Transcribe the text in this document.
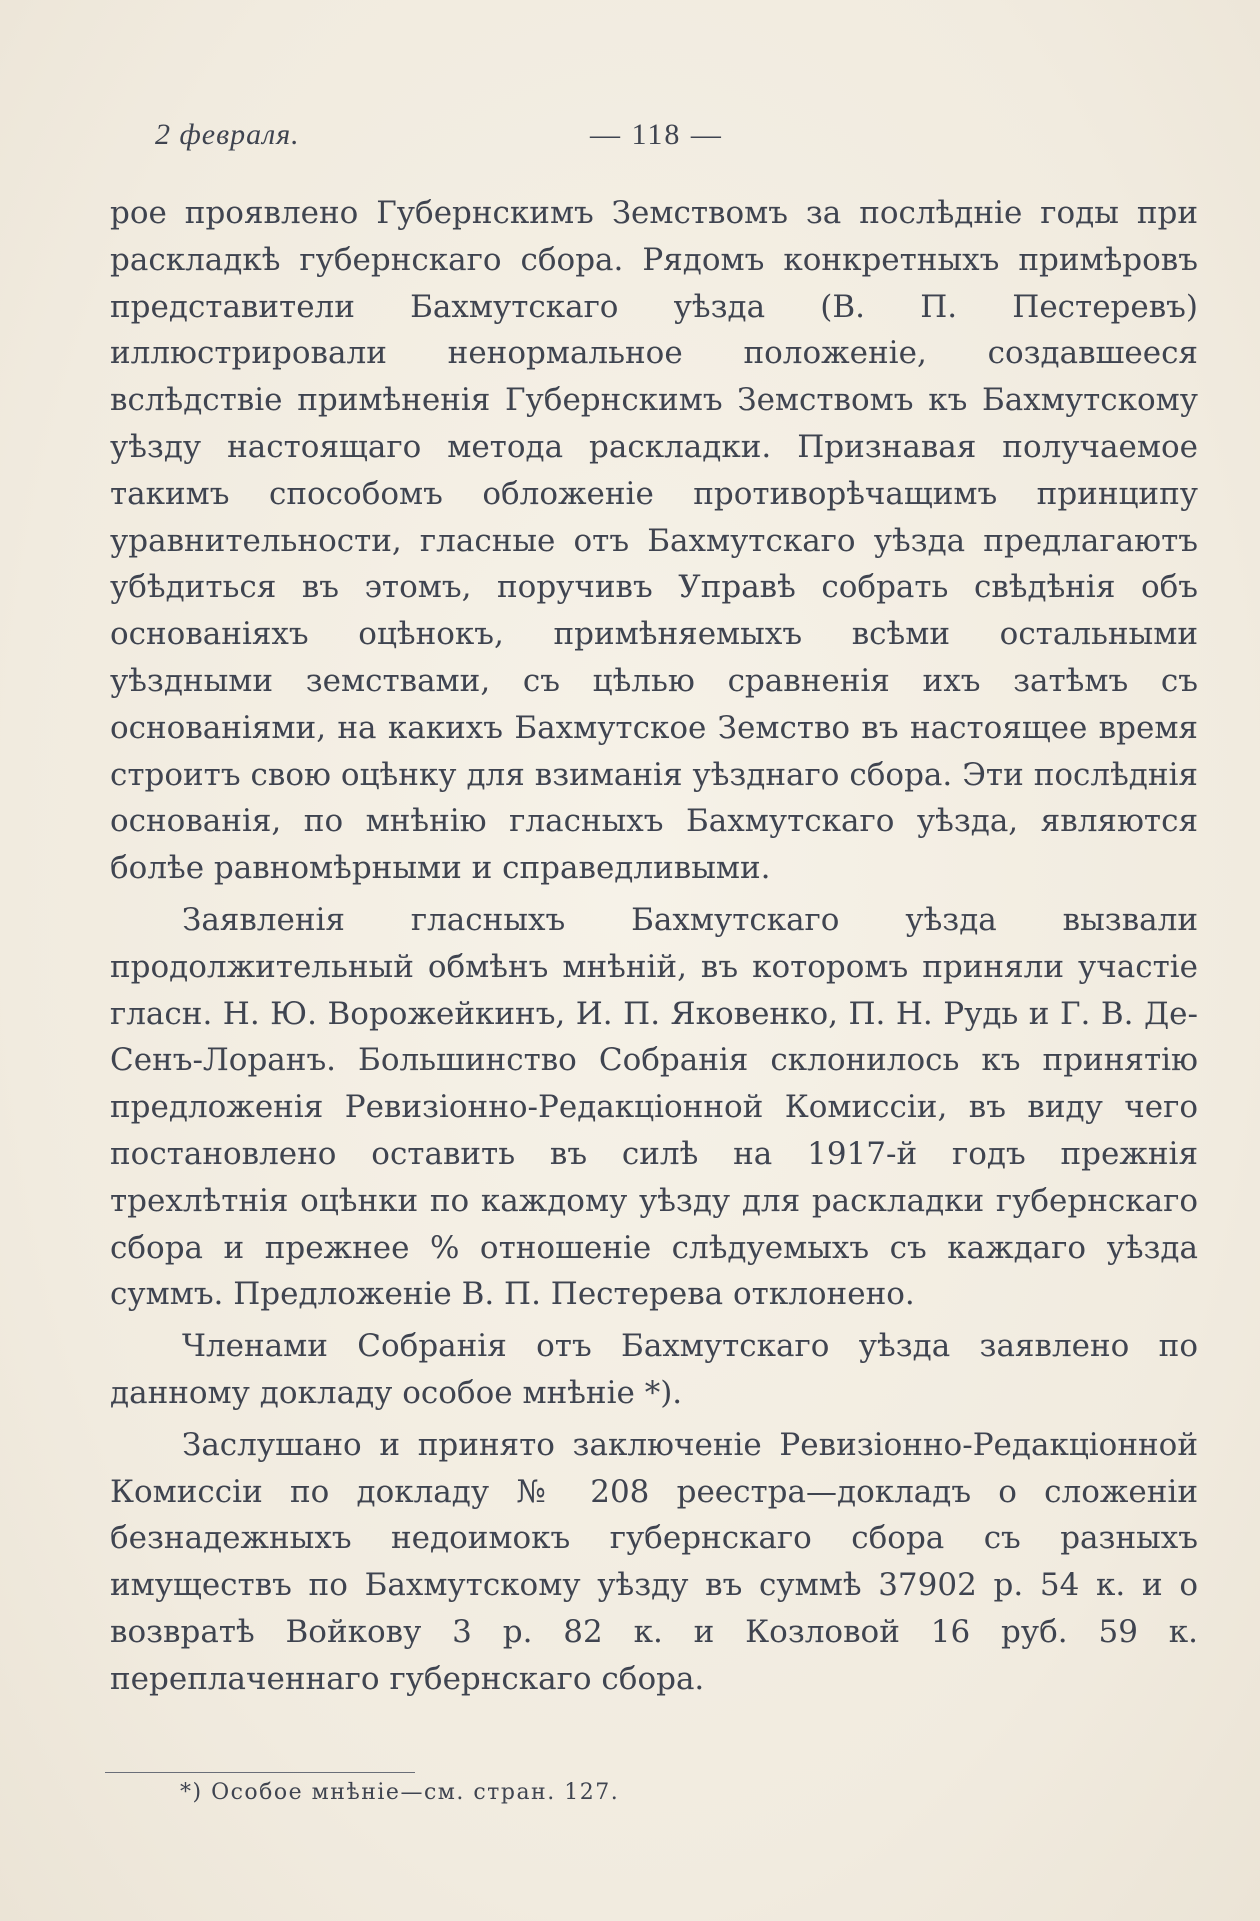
2 февраля.	— 118 —

рое проявлено Губернскимъ Земствомъ за послѣдніе годы при раскладкѣ губернскаго сбора. Рядомъ конкретныхъ примѣровъ представители Бахмутскаго уѣзда (В. П. Пестеревъ) иллюстрировали ненормальное положеніе, создавшееся вслѣдствіе примѣненія Губернскимъ Земствомъ къ Бахмутскому уѣзду настоящаго метода раскладки. Признавая получаемое такимъ способомъ обложеніе противорѣчащимъ принципу уравнительности, гласные отъ Бахмутскаго уѣзда предлагаютъ убѣдиться въ этомъ, поручивъ Управѣ собрать свѣдѣнія объ основаніяхъ оцѣнокъ, примѣняемыхъ всѣми остальными уѣздными земствами, съ цѣлью сравненія ихъ затѣмъ съ основаніями, на какихъ Бахмутское Земство въ настоящее время строитъ свою оцѣнку для взиманія уѣзднаго сбора. Эти послѣднія основанія, по мнѣнію гласныхъ Бахмутскаго уѣзда, являются болѣе равномѣрными и справедливыми.

Заявленія гласныхъ Бахмутскаго уѣзда вызвали продолжительный обмѣнъ мнѣній, въ которомъ приняли участіе гласн. Н. Ю. Ворожейкинъ, И. П. Яковенко, П. Н. Рудь и Г. В. Де-Сенъ-Лоранъ. Большинство Собранія склонилось къ принятію предложенія Ревизіонно-Редакціонной Комиссіи, въ виду чего постановлено оставить въ силѣ на 1917-й годъ прежнія трехлѣтнія оцѣнки по каждому уѣзду для раскладки губернскаго сбора и прежнее % отношеніе слѣдуемыхъ съ каждаго уѣзда суммъ. Предложеніе В. П. Пестерева отклонено.

Членами Собранія отъ Бахмутскаго уѣзда заявлено по данному докладу особое мнѣніе *).

Заслушано и принято заключеніе Ревизіонно-Редакціонной Комиссіи по докладу № 208 реестра—докладъ о сложеніи безнадежныхъ недоимокъ губернскаго сбора съ разныхъ имуществъ по Бахмутскому уѣзду въ суммѣ 37902 р. 54 к. и о возвратѣ Войкову 3 р. 82 к. и Козловой 16 руб. 59 к. переплаченнаго губернскаго сбора.

*) Особое мнѣніе—см. стран. 127.
